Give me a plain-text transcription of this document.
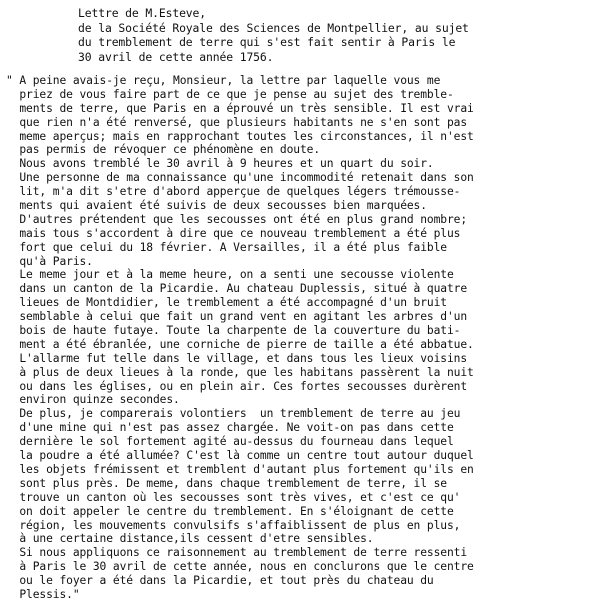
Lettre de M.Esteve,
de la Société Royale des Sciences de Montpellier, au sujet
du tremblement de terre qui s'est fait sentir à Paris le
30 avril de cette année 1756.
" A peine avais-je reçu, Monsieur, la lettre par laquelle vous me
priez de vous faire part de ce que je pense au sujet des tremble-
ments de terre, que Paris en a éprouvé un très sensible. Il est vrai
que rien n'a été renversé, que plusieurs habitants ne s'en sont pas
meme aperçus; mais en rapprochant toutes les circonstances, il n'est
pas permis de révoquer ce phénomène en doute.
Nous avons tremblé le 30 avril à 9 heures et un quart du soir.
Une personne de ma connaissance qu'une incommodité retenait dans son
lit, m'a dit s'etre d'abord apperçue de quelques légers trémousse-
ments qui avaient été suivis de deux secousses bien marquées.
D'autres prétendent que les secousses ont été en plus grand nombre;
mais tous s'accordent à dire que ce nouveau tremblement a été plus
fort que celui du 18 février. A Versailles, il a été plus faible
qu'à Paris.
Le meme jour et à la meme heure, on a senti une secousse violente
dans un canton de la Picardie. Au chateau Duplessis, situé à quatre
lieues de Montdidier, le tremblement a été accompagné d'un bruit
semblable à celui que fait un grand vent en agitant les arbres d'un
bois de haute futaye. Toute la charpente de la couverture du bati-
ment a été ébranlée, une corniche de pierre de taille a été abbatue.
L'allarme fut telle dans le village, et dans tous les lieux voisins
à plus de deux lieues à la ronde, que les habitans passèrent la nuit
ou dans les églises, ou en plein air. Ces fortes secousses durèrent
environ quinze secondes.
De plus, je comparerais volontiers  un tremblement de terre au jeu
d'une mine qui n'est pas assez chargée. Ne voit-on pas dans cette
dernière le sol fortement agité au-dessus du fourneau dans lequel
la poudre a été allumée? C'est là comme un centre tout autour duquel
les objets frémissent et tremblent d'autant plus fortement qu'ils en
sont plus près. De meme, dans chaque tremblement de terre, il se
trouve un canton où les secousses sont très vives, et c'est ce qu'
on doit appeler le centre du tremblement. En s'éloignant de cette
région, les mouvements convulsifs s'affaiblissent de plus en plus,
à une certaine distance,ils cessent d'etre sensibles.
Si nous appliquons ce raisonnement au tremblement de terre ressenti
à Paris le 30 avril de cette année, nous en conclurons que le centre
ou le foyer a été dans la Picardie, et tout près du chateau du
Plessis."
